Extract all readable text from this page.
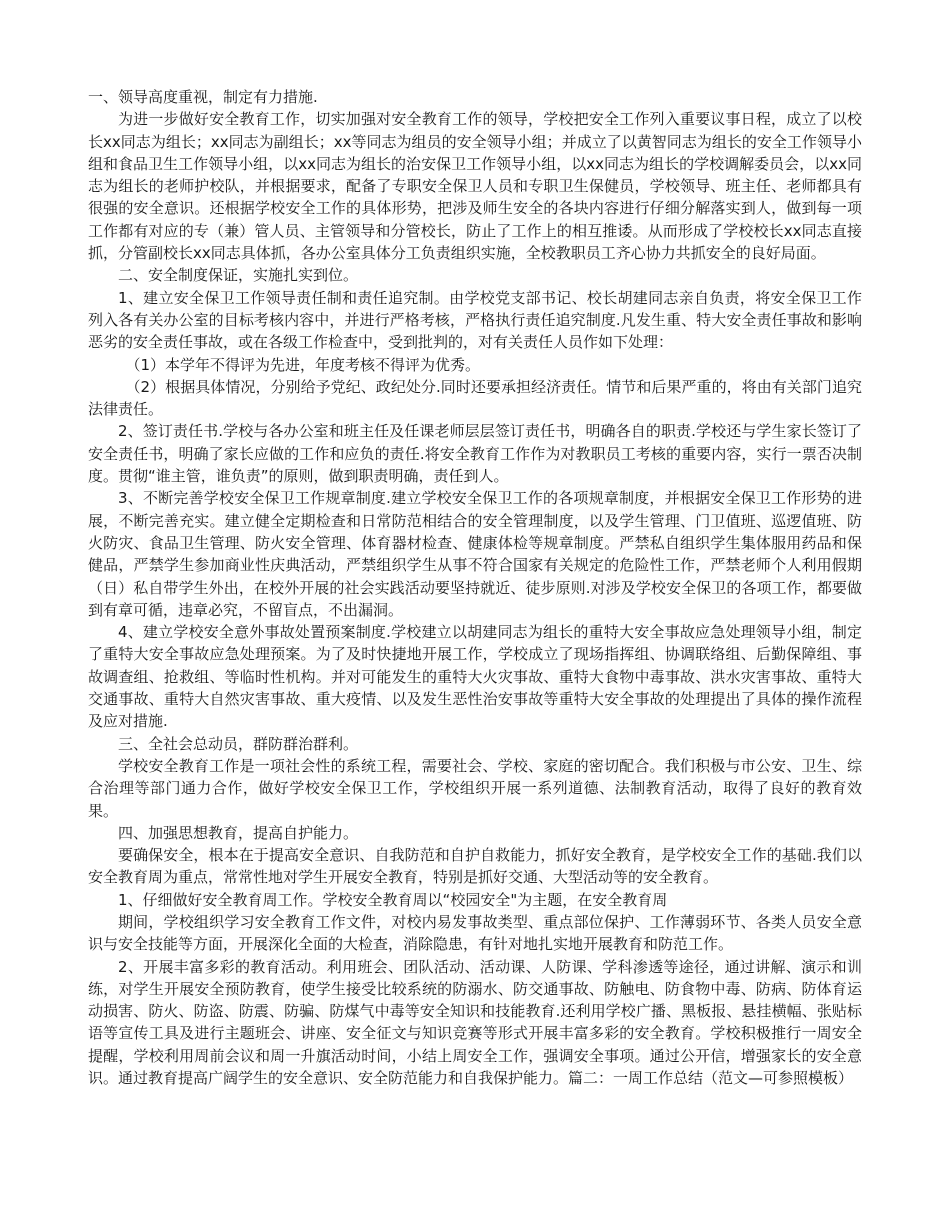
一、领导高度重视，制定有力措施.

为进一步做好安全教育工作，切实加强对安全教育工作的领导，学校把安全工作列入重要议事日程，成立了以校长xx同志为组长；xx同志为副组长；xx等同志为组员的安全领导小组；并成立了以黄智同志为组长的安全工作领导小组和食品卫生工作领导小组，以xx同志为组长的治安保卫工作领导小组，以xx同志为组长的学校调解委员会，以xx同志为组长的老师护校队，并根据要求，配备了专职安全保卫人员和专职卫生保健员，学校领导、班主任、老师都具有很强的安全意识。还根据学校安全工作的具体形势，把涉及师生安全的各块内容进行仔细分解落实到人，做到每一项工作都有对应的专（兼）管人员、主管领导和分管校长，防止了工作上的相互推诿。从而形成了学校校长xx同志直接抓，分管副校长xx同志具体抓，各办公室具体分工负责组织实施，全校教职员工齐心协力共抓安全的良好局面。

二、安全制度保证，实施扎实到位。

1、建立安全保卫工作领导责任制和责任追究制。由学校党支部书记、校长胡建同志亲自负责，将安全保卫工作列入各有关办公室的目标考核内容中，并进行严格考核，严格执行责任追究制度.凡发生重、特大安全责任事故和影响恶劣的安全责任事故，或在各级工作检查中，受到批判的，对有关责任人员作如下处理：

（1）本学年不得评为先进，年度考核不得评为优秀。

（2）根据具体情况，分别给予党纪、政纪处分.同时还要承担经济责任。情节和后果严重的，将由有关部门追究法律责任。

2、签订责任书.学校与各办公室和班主任及任课老师层层签订责任书，明确各自的职责.学校还与学生家长签订了安全责任书，明确了家长应做的工作和应负的责任.将安全教育工作作为对教职员工考核的重要内容，实行一票否决制度。贯彻“谁主管，谁负责”的原则，做到职责明确，责任到人。

3、不断完善学校安全保卫工作规章制度.建立学校安全保卫工作的各项规章制度，并根据安全保卫工作形势的进展，不断完善充实。建立健全定期检查和日常防范相结合的安全管理制度，以及学生管理、门卫值班、巡逻值班、防火防灾、食品卫生管理、防火安全管理、体育器材检查、健康体检等规章制度。严禁私自组织学生集体服用药品和保健品，严禁学生参加商业性庆典活动，严禁组织学生从事不符合国家有关规定的危险性工作，严禁老师个人利用假期（日）私自带学生外出，在校外开展的社会实践活动要坚持就近、徒步原则.对涉及学校安全保卫的各项工作，都要做到有章可循，违章必究，不留盲点，不出漏洞。

4、建立学校安全意外事故处置预案制度.学校建立以胡建同志为组长的重特大安全事故应急处理领导小组，制定了重特大安全事故应急处理预案。为了及时快捷地开展工作，学校成立了现场指挥组、协调联络组、后勤保障组、事故调查组、抢救组、等临时性机构。并对可能发生的重特大火灾事故、重特大食物中毒事故、洪水灾害事故、重特大交通事故、重特大自然灾害事故、重大疫情、以及发生恶性治安事故等重特大安全事故的处理提出了具体的操作流程及应对措施.

三、全社会总动员，群防群治群利。

学校安全教育工作是一项社会性的系统工程，需要社会、学校、家庭的密切配合。我们积极与市公安、卫生、综合治理等部门通力合作，做好学校安全保卫工作，学校组织开展一系列道德、法制教育活动，取得了良好的教育效果。

四、加强思想教育，提高自护能力。

要确保安全，根本在于提高安全意识、自我防范和自护自救能力，抓好安全教育，是学校安全工作的基础.我们以安全教育周为重点，常常性地对学生开展安全教育，特别是抓好交通、大型活动等的安全教育。

1、仔细做好安全教育周工作。学校安全教育周以“校园安全"为主题，在安全教育周

期间，学校组织学习安全教育工作文件，对校内易发事故类型、重点部位保护、工作薄弱环节、各类人员安全意识与安全技能等方面，开展深化全面的大检查，消除隐患，有针对地扎实地开展教育和防范工作。

2、开展丰富多彩的教育活动。利用班会、团队活动、活动课、人防课、学科渗透等途径，通过讲解、演示和训练，对学生开展安全预防教育，使学生接受比较系统的防溺水、防交通事故、防触电、防食物中毒、防病、防体育运动损害、防火、防盗、防震、防骗、防煤气中毒等安全知识和技能教育.还利用学校广播、黑板报、悬挂横幅、张贴标语等宣传工具及进行主题班会、讲座、安全征文与知识竞赛等形式开展丰富多彩的安全教育。学校积极推行一周安全提醒，学校利用周前会议和周一升旗活动时间，小结上周安全工作，强调安全事项。通过公开信，增强家长的安全意识。通过教育提高广阔学生的安全意识、安全防范能力和自我保护能力。篇二：一周工作总结（范文—可参照模板）
